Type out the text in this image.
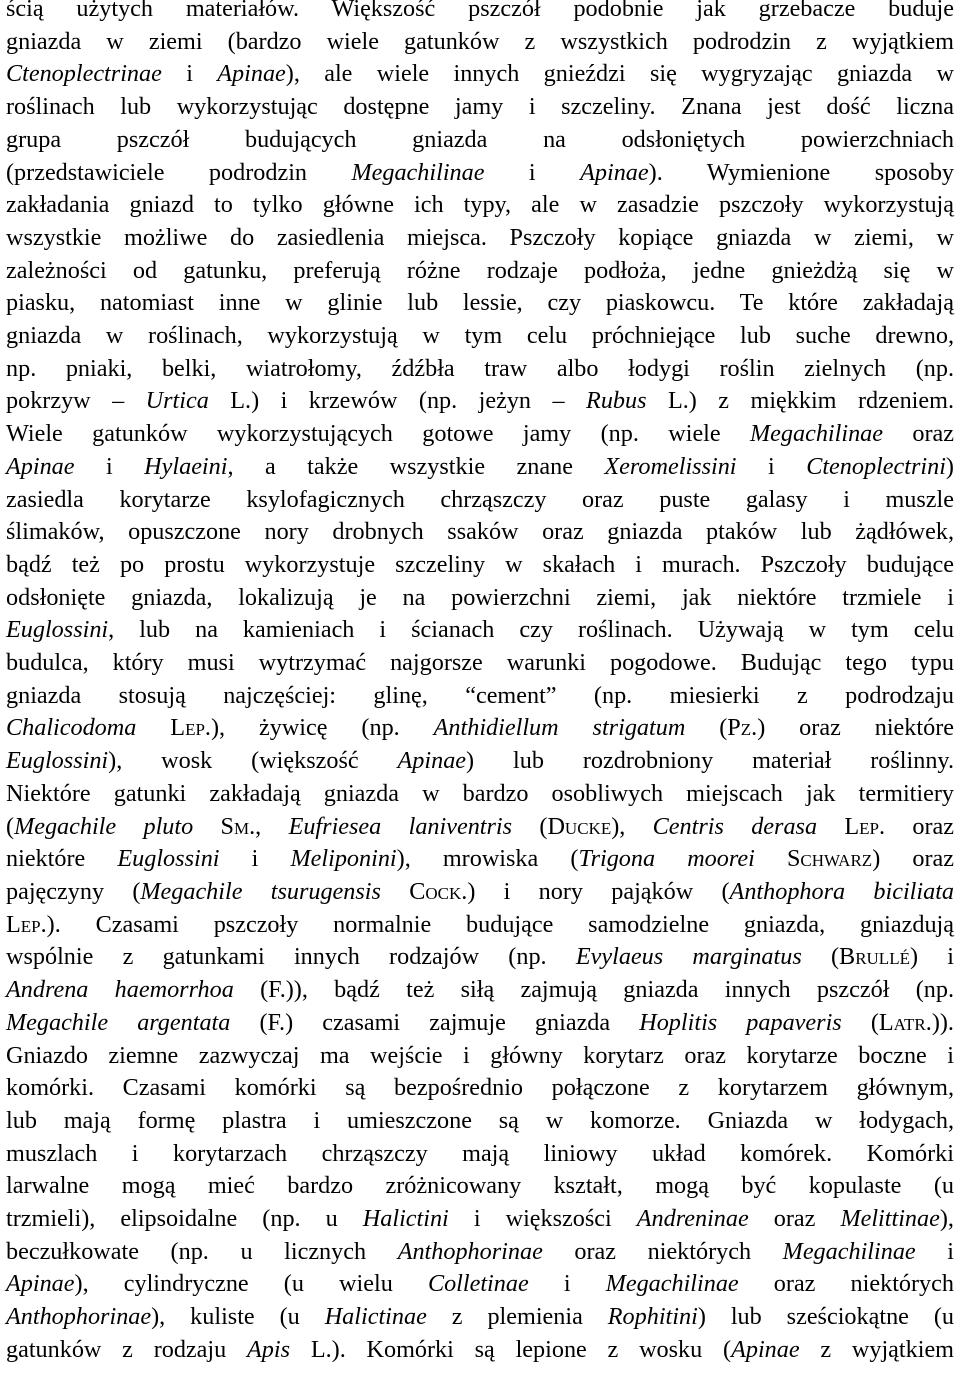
ścią użytych materiałów. Większość pszczół podobnie jak grzebacze buduje
gniazda w ziemi (bardzo wiele gatunków z wszystkich podrodzin z wyjątkiem
Ctenoplectrinae i Apinae), ale wiele innych gnieździ się wygryzając gniazda w
roślinach lub wykorzystując dostępne jamy i szczeliny. Znana jest dość liczna
grupa pszczół budujących gniazda na odsłoniętych powierzchniach
(przedstawiciele podrodzin Megachilinae i Apinae). Wymienione sposoby
zakładania gniazd to tylko główne ich typy, ale w zasadzie pszczoły wykorzystują
wszystkie możliwe do zasiedlenia miejsca. Pszczoły kopiące gniazda w ziemi, w
zależności od gatunku, preferują różne rodzaje podłoża, jedne gnieżdżą się w
piasku, natomiast inne w glinie lub lessie, czy piaskowcu. Te które zakładają
gniazda w roślinach, wykorzystują w tym celu próchniejące lub suche drewno,
np. pniaki, belki, wiatrołomy, źdźbła traw albo łodygi roślin zielnych (np.
pokrzyw – Urtica L.) i krzewów (np. jeżyn – Rubus L.) z miękkim rdzeniem.
Wiele gatunków wykorzystujących gotowe jamy (np. wiele Megachilinae oraz
Apinae i Hylaeini, a także wszystkie znane Xeromelissini i Ctenoplectrini)
zasiedla korytarze ksylofagicznych chrząszczy oraz puste galasy i muszle
ślimaków, opuszczone nory drobnych ssaków oraz gniazda ptaków lub żądłówek,
bądź też po prostu wykorzystuje szczeliny w skałach i murach. Pszczoły budujące
odsłonięte gniazda, lokalizują je na powierzchni ziemi, jak niektóre trzmiele i
Euglossini, lub na kamieniach i ścianach czy roślinach. Używają w tym celu
budulca, który musi wytrzymać najgorsze warunki pogodowe. Budując tego typu
gniazda stosują najczęściej: glinę, “cement” (np. miesierki z podrodzaju
Chalicodoma Lep.), żywicę (np. Anthidiellum strigatum (Pz.) oraz niektóre
Euglossini), wosk (większość Apinae) lub rozdrobniony materiał roślinny.
Niektóre gatunki zakładają gniazda w bardzo osobliwych miejscach jak termitiery
(Megachile pluto Sm., Eufriesea laniventris (Ducke), Centris derasa Lep. oraz
niektóre Euglossini i Meliponini), mrowiska (Trigona moorei Schwarz) oraz
pajęczyny (Megachile tsurugensis Cock.) i nory pająków (Anthophora biciliata
Lep.). Czasami pszczoły normalnie budujące samodzielne gniazda, gniazdują
wspólnie z gatunkami innych rodzajów (np. Evylaeus marginatus (Brullé) i
Andrena haemorrhoa (F.)), bądź też siłą zajmują gniazda innych pszczół (np.
Megachile argentata (F.) czasami zajmuje gniazda Hoplitis papaveris (Latr.)).
Gniazdo ziemne zazwyczaj ma wejście i główny korytarz oraz korytarze boczne i
komórki. Czasami komórki są bezpośrednio połączone z korytarzem głównym,
lub mają formę plastra i umieszczone są w komorze. Gniazda w łodygach,
muszlach i korytarzach chrząszczy mają liniowy układ komórek. Komórki
larwalne mogą mieć bardzo zróżnicowany kształt, mogą być kopulaste (u
trzmieli), elipsoidalne (np. u Halictini i większości Andreninae oraz Melittinae),
beczułkowate (np. u licznych Anthophorinae oraz niektórych Megachilinae i
Apinae), cylindryczne (u wielu Colletinae i Megachilinae oraz niektórych
Anthophorinae), kuliste (u Halictinae z plemienia Rophitini) lub sześciokątne (u
gatunków z rodzaju Apis L.). Komórki są lepione z wosku (Apinae z wyjątkiem
